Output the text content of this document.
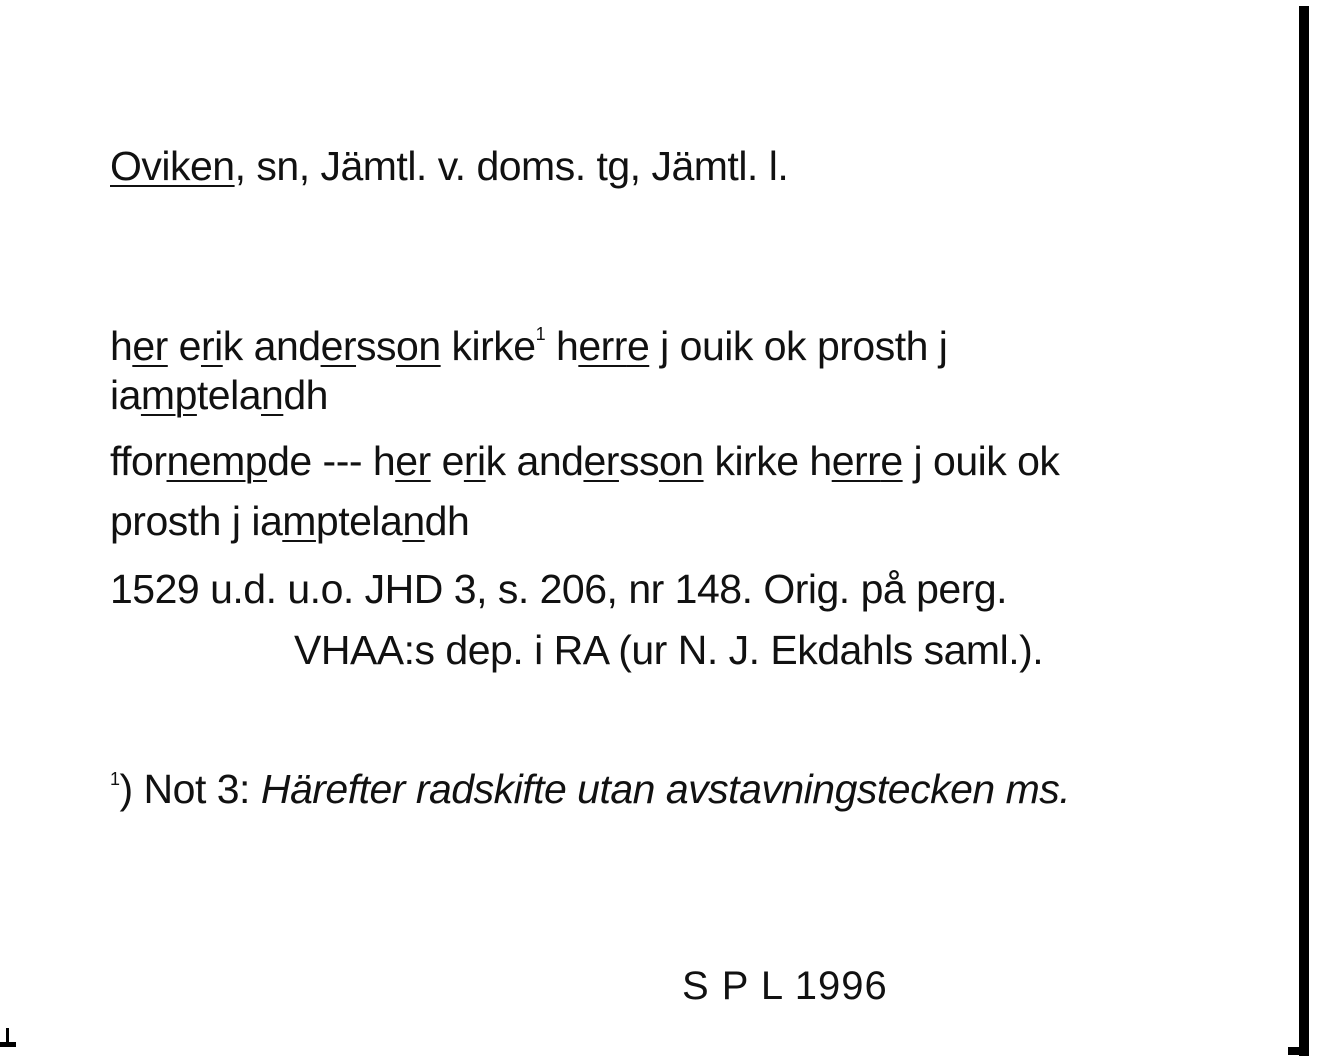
Oviken, sn, Jämtl. v. doms. tg, Jämtl. l.
her erik andersson kirke$^1$ herre j ouik ok prosth j
iamptelandh
ffornempde --- her erik andersson kirke herre j ouik ok
prosth j iamptelandh
1529 u.d. u.o. JHD 3, s. 206, nr 148. Orig. på perg.
VHAA:s dep. i RA (ur N. J. Ekdahls saml.).
$^1$) Not 3: Härefter radskifte utan avstavningstecken ms.
S P L 1996
